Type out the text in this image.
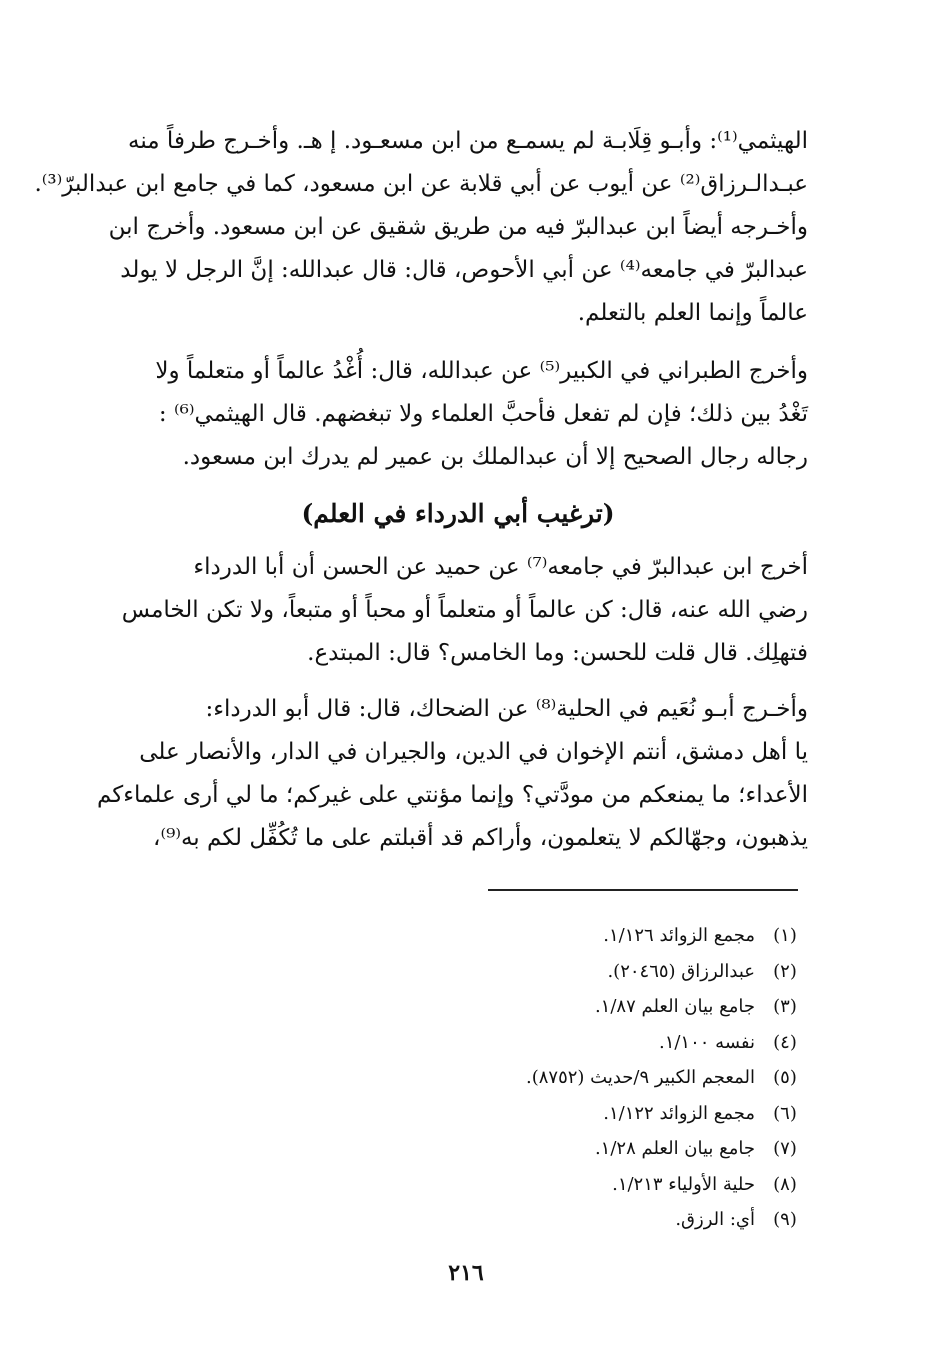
الهيثمي⁽¹⁾: وأبـو قِلَابـة لم يسمـع من ابن مسعـود. إ هـ. وأخـرج طرفاً منه
عبـدالـرزاق⁽²⁾ عن أيوب عن أبي قلابة عن ابن مسعود، كما في جامع ابن عبدالبرّ⁽³⁾.
وأخـرجه أيضاً ابن عبدالبرّ فيه من طريق شقيق عن ابن مسعود. وأخرج ابن
عبدالبرّ في جامعه⁽⁴⁾ عن أبي الأحوص، قال: قال عبدالله: إنَّ الرجل لا يولد
عالماً وإنما العلم بالتعلم.
وأخرج الطبراني في الكبير⁽⁵⁾ عن عبدالله، قال: أُغْدُ عالماً أو متعلماً ولا
تَغْدُ بين ذلك؛ فإن لم تفعل فأحبَّ العلماء ولا تبغضهم. قال الهيثمي⁽⁶⁾ :
رجاله رجال الصحيح إلا أن عبدالملك بن عمير لم يدرك ابن مسعود.
(ترغيب أبي الدرداء في العلم)
أخرج ابن عبدالبرّ في جامعه⁽⁷⁾ عن حميد عن الحسن أن أبا الدرداء
رضي الله عنه، قال: كن عالماً أو متعلماً أو محباً أو متبعاً، ولا تكن الخامس
فتهلِك. قال قلت للحسن: وما الخامس؟ قال: المبتدع.
وأخـرج أبـو نُعَيم في الحلية⁽⁸⁾ عن الضحاك، قال: قال أبو الدرداء:
يا أهل دمشق، أنتم الإخوان في الدين، والجيران في الدار، والأنصار على
الأعداء؛ ما يمنعكم من مودَّتي؟ وإنما مؤنتي على غيركم؛ ما لي أرى علماءكم
يذهبون، وجهّالكم لا يتعلمون، وأراكم قد أقبلتم على ما تُكُفِّل لكم به⁽⁹⁾،
(١)
مجمع الزوائد ١/١٢٦.
(٢)
عبدالرزاق (٢٠٤٦٥).
(٣)
جامع بيان العلم ١/٨٧.
(٤)
نفسه ١/١٠٠.
(٥)
المعجم الكبير ٩/حديث (٨٧٥٢).
(٦)
مجمع الزوائد ١/١٢٢.
(٧)
جامع بيان العلم ١/٢٨.
(٨)
حلية الأولياء ١/٢١٣.
(٩)
أي: الرزق.
٢١٦
